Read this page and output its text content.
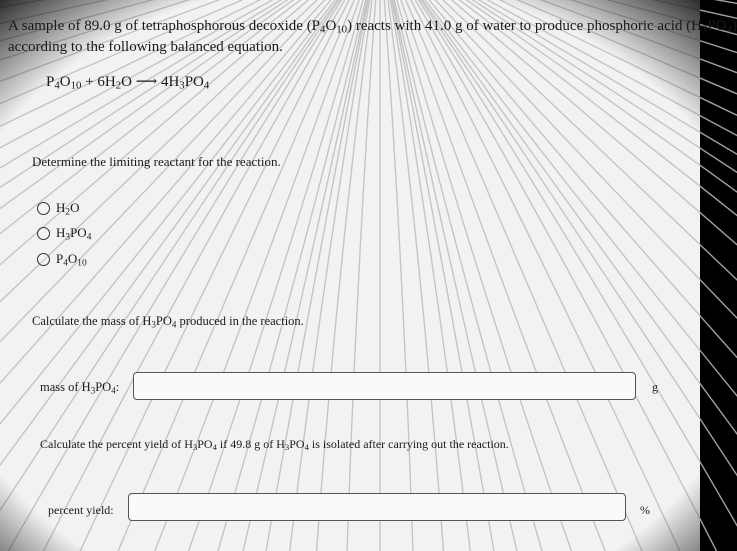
A sample of 89.0 g of tetraphosphorous decoxide $(P_4O_{10})$ reacts with 41.0 g of water to produce phosphoric acid $(H_3PO_4)$
according to the following balanced equation.
$P_4O_{10} + 6H_2O$ ⟶ $4H_3PO_4$
Determine the limiting reactant for the reaction.
$H_2O$
$H_3PO_4$
$P_4O_{10}$
Calculate the mass of $H_3PO_4$ produced in the reaction.
mass of $H_3PO_4$:	g
Calculate the percent yield of $H_3PO_4$ if 49.8 g of $H_3PO_4$ is isolated after carrying out the reaction.
percent yield:	%
